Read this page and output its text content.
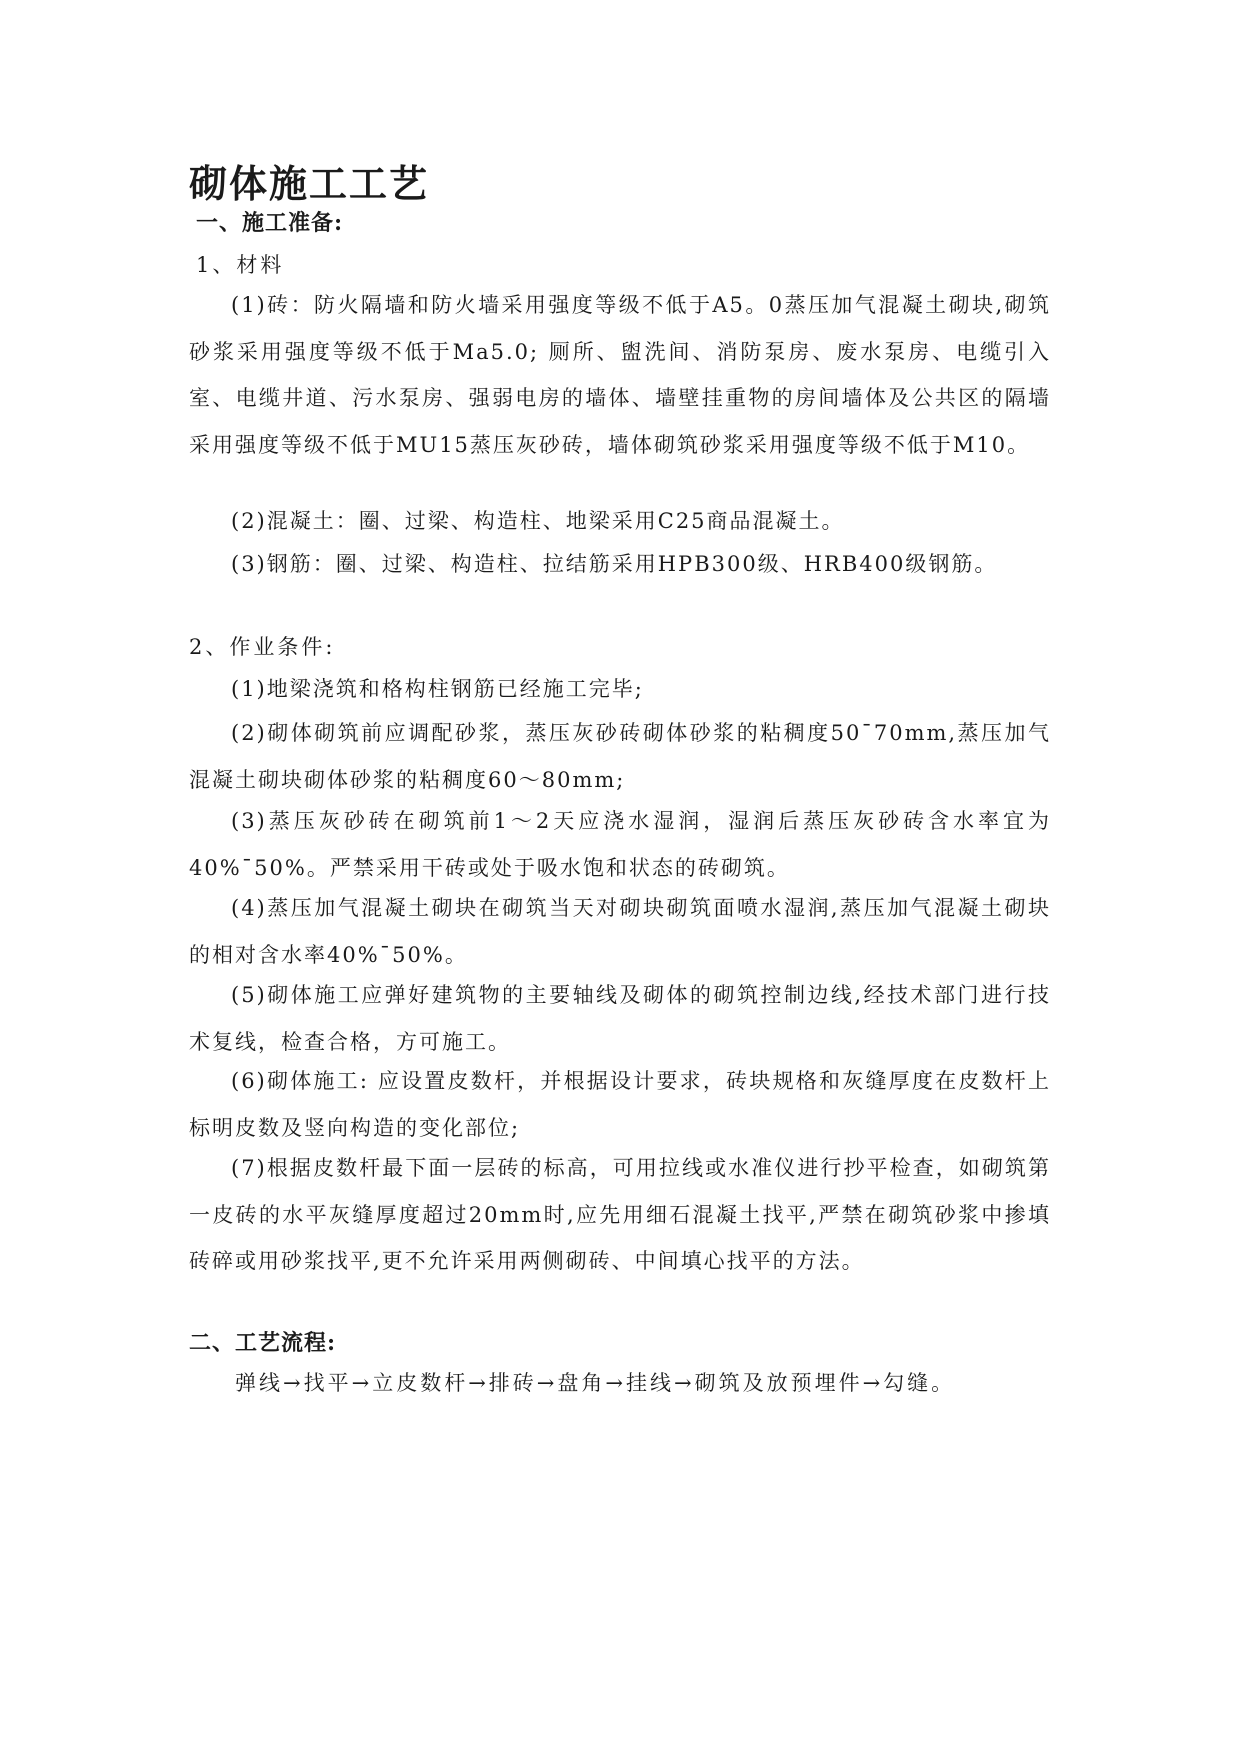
砌体施工工艺
一、施工准备:
1、材料

(1)砖：防火隔墙和防火墙采用强度等级不低于A5。0蒸压加气混凝土砌块,砌筑砂浆采用强度等级不低于Ma5.0; 厕所、盥洗间、消防泵房、废水泵房、电缆引入室、电缆井道、污水泵房、强弱电房的墙体、墙壁挂重物的房间墙体及公共区的隔墙采用强度等级不低于MU15蒸压灰砂砖，墙体砌筑砂浆采用强度等级不低于M10。

(2)混凝土：圈、过梁、构造柱、地梁采用C25商品混凝土。

(3)钢筋：圈、过梁、构造柱、拉结筋采用HPB300级、HRB400级钢筋。

2、作业条件:

(1)地梁浇筑和格构柱钢筋已经施工完毕;

(2)砌体砌筑前应调配砂浆，蒸压灰砂砖砌体砂浆的粘稠度50¯70mm,蒸压加气混凝土砌块砌体砂浆的粘稠度60～80mm;

(3)蒸压灰砂砖在砌筑前1～2天应浇水湿润，湿润后蒸压灰砂砖含水率宜为40%¯50%。严禁采用干砖或处于吸水饱和状态的砖砌筑。

(4)蒸压加气混凝土砌块在砌筑当天对砌块砌筑面喷水湿润,蒸压加气混凝土砌块的相对含水率40%¯50%。

(5)砌体施工应弹好建筑物的主要轴线及砌体的砌筑控制边线,经技术部门进行技术复线，检查合格，方可施工。

(6)砌体施工: 应设置皮数杆，并根据设计要求，砖块规格和灰缝厚度在皮数杆上标明皮数及竖向构造的变化部位;

(7)根据皮数杆最下面一层砖的标高，可用拉线或水准仪进行抄平检查，如砌筑第一皮砖的水平灰缝厚度超过20mm时,应先用细石混凝土找平,严禁在砌筑砂浆中掺填砖碎或用砂浆找平,更不允许采用两侧砌砖、中间填心找平的方法。

二、工艺流程:
弹线→找平→立皮数杆→排砖→盘角→挂线→砌筑及放预埋件→勾缝。
